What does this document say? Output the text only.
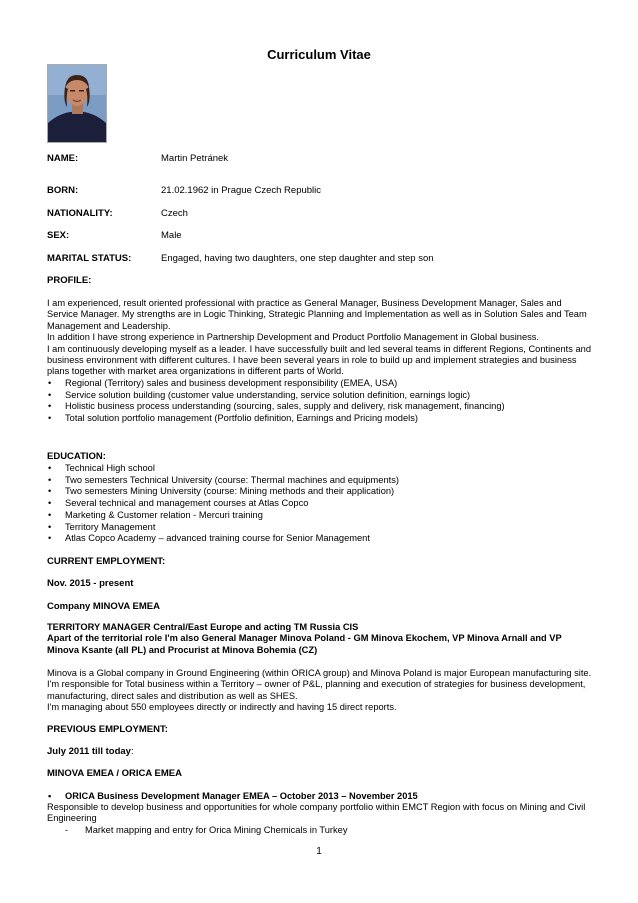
Curriculum Vitae
NAME:	Martin Petránek
BORN:	21.02.1962 in Prague Czech Republic
NATIONALITY:	Czech
SEX:	Male
MARITAL STATUS:	Engaged, having two daughters, one step daughter and step son
PROFILE:
I am experienced, result oriented professional with practice as General Manager, Business Development Manager, Sales and Service Manager. My strengths are in Logic Thinking, Strategic Planning and Implementation as well as in Solution Sales and Team Management and Leadership.
In addition I have strong experience in Partnership Development and Product Portfolio Management in Global business.
I am continuously developing myself as a leader. I have successfully built and led several teams in different Regions, Continents and business environment with different cultures. I have been several years in role to build up and implement strategies and business plans together with market area organizations in different parts of World.
• Regional (Territory) sales and business development responsibility (EMEA, USA)
• Service solution building (customer value understanding, service solution definition, earnings logic)
• Holistic business process understanding (sourcing, sales, supply and delivery, risk management, financing)
• Total solution portfolio management (Portfolio definition, Earnings and Pricing models)
EDUCATION:
• Technical High school
• Two semesters Technical University (course: Thermal machines and equipments)
• Two semesters Mining University (course: Mining methods and their application)
• Several technical and management courses at Atlas Copco
• Marketing & Customer relation - Mercuri training
• Territory Management
• Atlas Copco Academy – advanced training course for Senior Management
CURRENT EMPLOYMENT:
Nov. 2015 - present
Company MINOVA EMEA
TERRITORY MANAGER Central/East Europe and acting TM Russia CIS
Apart of the territorial role I'm also General Manager Minova Poland - GM Minova Ekochem, VP Minova Arnall and VP Minova Ksante (all PL) and Procurist at Minova Bohemia (CZ)
Minova is a Global company in Ground Engineering (within ORICA group) and Minova Poland is major European manufacturing site. I'm responsible for Total business within a Territory – owner of P&L, planning and execution of strategies for business development, manufacturing, direct sales and distribution as well as SHES.
I'm managing about 550 employees directly or indirectly and having 15 direct reports.
PREVIOUS EMPLOYMENT:
July 2011 till today:
MINOVA EMEA / ORICA EMEA
• ORICA Business Development Manager EMEA – October 2013 – November 2015
Responsible to develop business and opportunities for whole company portfolio within EMCT Region with focus on Mining and Civil Engineering
- Market mapping and entry for Orica Mining Chemicals in Turkey
1
